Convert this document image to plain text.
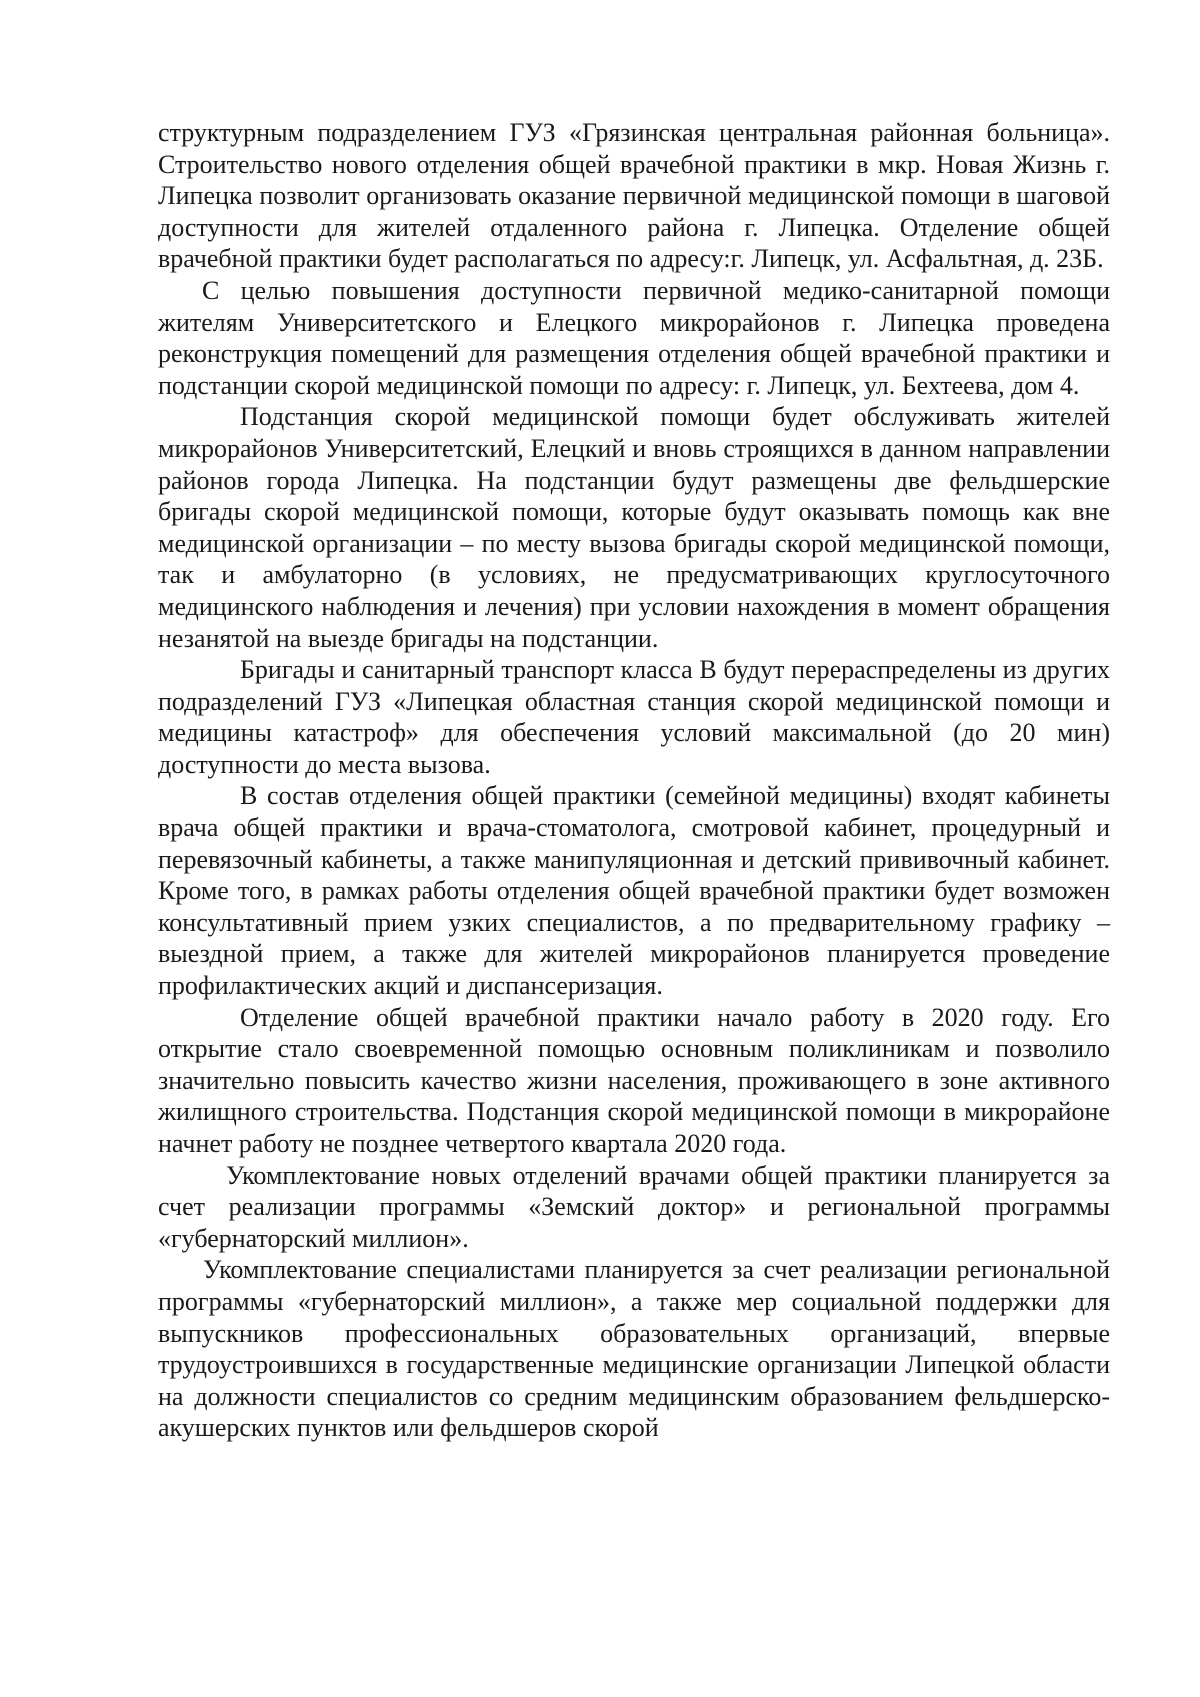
структурным подразделением ГУЗ «Грязинская центральная районная больница». Строительство нового отделения общей врачебной практики в мкр. Новая Жизнь г. Липецка позволит организовать оказание первичной медицинской помощи в шаговой доступности для жителей отдаленного района г. Липецка. Отделение общей врачебной практики будет располагаться по адресу:г. Липецк, ул. Асфальтная, д. 23Б.

С целью повышения доступности первичной медико-санитарной помощи жителям Университетского и Елецкого микрорайонов г. Липецка проведена реконструкция помещений для размещения отделения общей врачебной практики и подстанции скорой медицинской помощи по адресу: г. Липецк, ул. Бехтеева, дом 4.

Подстанция скорой медицинской помощи будет обслуживать жителей микрорайонов Университетский, Елецкий и вновь строящихся в данном направлении районов города Липецка. На подстанции будут размещены две фельдшерские бригады скорой медицинской помощи, которые будут оказывать помощь как вне медицинской организации – по месту вызова бригады скорой медицинской помощи, так и амбулаторно (в условиях, не предусматривающих круглосуточного медицинского наблюдения и лечения) при условии нахождения в момент обращения незанятой на выезде бригады на подстанции.

Бригады и санитарный транспорт класса В будут перераспределены из других подразделений ГУЗ «Липецкая областная станция скорой медицинской помощи и медицины катастроф» для обеспечения условий максимальной (до 20 мин) доступности до места вызова.

В состав отделения общей практики (семейной медицины) входят кабинеты врача общей практики и врача-стоматолога, смотровой кабинет, процедурный и перевязочный кабинеты, а также манипуляционная и детский прививочный кабинет. Кроме того, в рамках работы отделения общей врачебной практики будет возможен консультативный прием узких специалистов, а по предварительному графику – выездной прием, а также для жителей микрорайонов планируется проведение профилактических акций и диспансеризация.

Отделение общей врачебной практики начало работу в 2020 году. Его открытие стало своевременной помощью основным поликлиникам и позволило значительно повысить качество жизни населения, проживающего в зоне активного жилищного строительства. Подстанция скорой медицинской помощи в микрорайоне начнет работу не позднее четвертого квартала 2020 года.

Укомплектование новых отделений врачами общей практики планируется за счет реализации программы «Земский доктор» и региональной программы «губернаторский миллион».

Укомплектование специалистами планируется за счет реализации региональной программы «губернаторский миллион», а также мер социальной поддержки для выпускников профессиональных образовательных организаций, впервые трудоустроившихся в государственные медицинские организации Липецкой области на должности специалистов со средним медицинским образованием фельдшерско-акушерских пунктов или фельдшеров скорой
